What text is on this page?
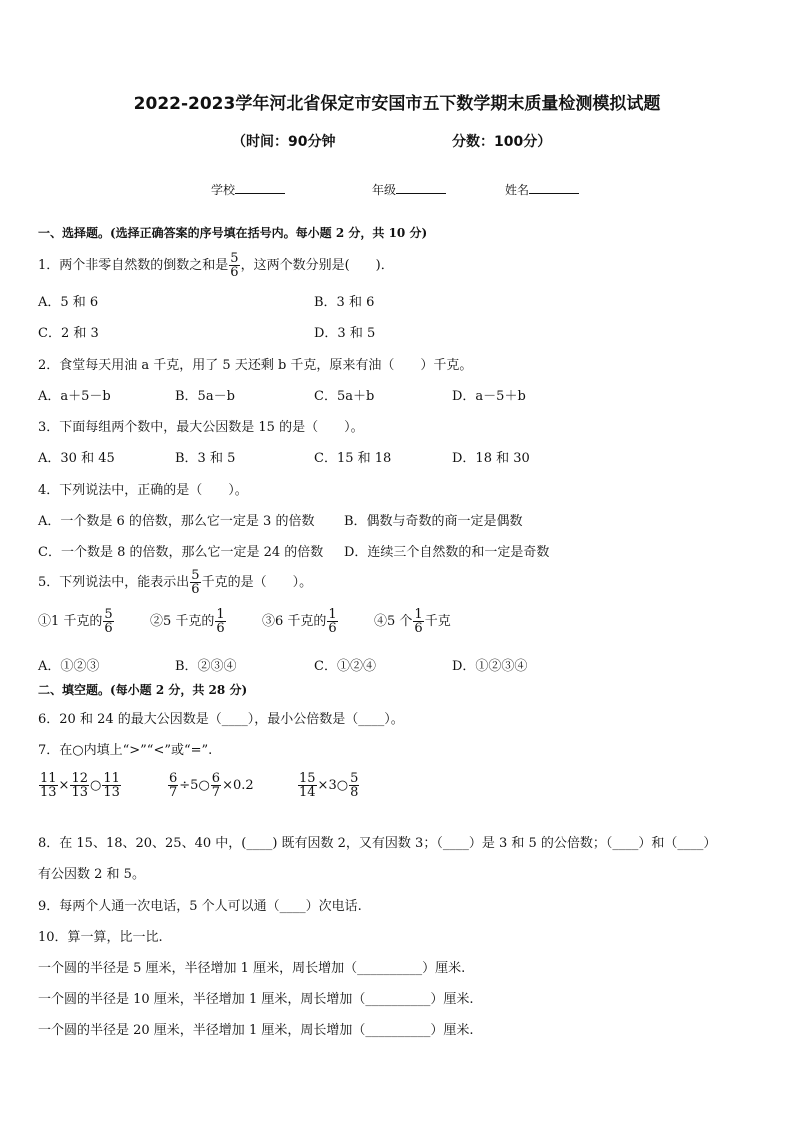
2022-2023学年河北省保定市安国市五下数学期末质量检测模拟试题
（时间：90分钟	分数：100分）
学校	年级	姓名
一、选择题。(选择正确答案的序号填在括号内。每小题 2 分，共 10 分)
1．两个非零自然数的倒数之和是 $\frac{5}{6}$ ，这两个数分别是(　　)．
A．5 和 6	B．3 和 6
C．2 和 3	D．3 和 5
2．食堂每天用油 a 千克，用了 5 天还剩 b 千克，原来有油（　　）千克。
A．a＋5－b	B．5a－b	C．5a＋b	D．a－5＋b
3．下面每组两个数中，最大公因数是 15 的是（　　）。
A．30 和 45	B．3 和 5	C．15 和 18	D．18 和 30
4．下列说法中，正确的是（　　）。
A．一个数是 6 的倍数，那么它一定是 3 的倍数 B．偶数与奇数的商一定是偶数
C．一个数是 8 的倍数，那么它一定是 24 的倍数 D．连续三个自然数的和一定是奇数
5．下列说法中，能表示出 $\frac{5}{6}$ 千克的是（　　）。
①1 千克的 $\frac{5}{6}$	②5 千克的 $\frac{1}{6}$	③6 千克的 $\frac{1}{6}$	④5 个 $\frac{1}{6}$ 千克
A．①②③	B．②③④	C．①②④	D．①②③④
二、填空题。(每小题 2 分，共 28 分)
6．20 和 24 的最大公因数是（____），最小公倍数是（____）。
7．在○内填上“>”“<”或“=”.
$\frac{11}{13} \times \frac{12}{13}$ ○ $\frac{11}{13}$	$\frac{6}{7}$ ÷5○ $\frac{6}{7} \times 0.2$	$\frac{15}{14}$ ×3○ $\frac{5}{8}$
8．在 15、18、20、25、40 中，(____) 既有因数 2，又有因数 3；（____）是 3 和 5 的公倍数；（____）和（____）
有公因数 2 和 5。
9．每两个人通一次电话，5 个人可以通（____）次电话.
10．算一算，比一比.
一个圆的半径是 5 厘米，半径增加 1 厘米，周长增加（__________）厘米.
一个圆的半径是 10 厘米，半径增加 1 厘米，周长增加（__________）厘米.
一个圆的半径是 20 厘米，半径增加 1 厘米，周长增加（__________）厘米.
